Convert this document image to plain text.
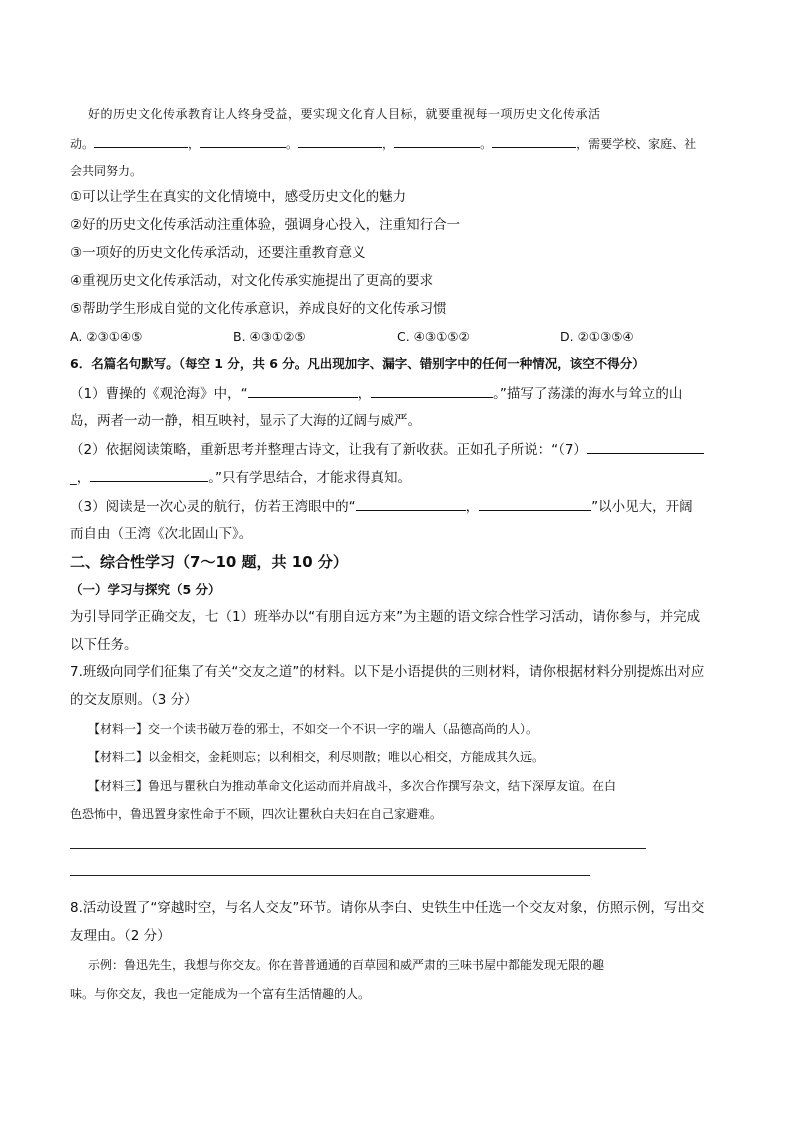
好的历史文化传承教育让人终身受益，要实现文化育人目标，就要重视每一项历史文化传承活
动。	，	。	，	。	，需要学校、家庭、社
会共同努力。
①可以让学生在真实的文化情境中，感受历史文化的魅力
②好的历史文化传承活动注重体验，强调身心投入，注重知行合一
③一项好的历史文化传承活动，还要注重教育意义
④重视历史文化传承活动，对文化传承实施提出了更高的要求
⑤帮助学生形成自觉的文化传承意识，养成良好的文化传承习惯
A. ②③①④⑤	B. ④③①②⑤	C. ④③①⑤②	D. ②①③⑤④
6．名篇名句默写。（每空 1 分，共 6 分。凡出现加字、漏字、错别字中的任何一种情况，该空不得分）
（1）曹操的《观沧海》中，“	，	。”描写了荡漾的海水与耸立的山
岛，两者一动一静，相互映衬，显示了大海的辽阔与威严。
（2）依据阅读策略，重新思考并整理古诗文，让我有了新收获。正如孔子所说：“（7）
_，	。”只有学思结合，才能求得真知。
（3）阅读是一次心灵的航行，仿若王湾眼中的“	，	”以小见大，开阔
而自由（王湾《次北固山下》。
二、综合性学习（7～10 题，共 10 分）
（一）学习与探究（5 分）
为引导同学正确交友，七（1）班举办以“有朋自远方来”为主题的语文综合性学习活动，请你参与，并完成
以下任务。
7.班级向同学们征集了有关“交友之道”的材料。以下是小语提供的三则材料，请你根据材料分别提炼出对应
的交友原则。（3 分）
【材料一】交一个读书破万卷的邪士，不如交一个不识一字的端人（品德高尚的人）。
【材料二】以金相交，金耗则忘；以利相交，利尽则散；唯以心相交，方能成其久远。
【材料三】鲁迅与瞿秋白为推动革命文化运动而并肩战斗，多次合作撰写杂文，结下深厚友谊。在白
色恐怖中，鲁迅置身家性命于不顾，四次让瞿秋白夫妇在自己家避难。
8.活动设置了“穿越时空，与名人交友”环节。请你从李白、史铁生中任选一个交友对象，仿照示例，写出交
友理由。（2 分）
示例：鲁迅先生，我想与你交友。你在普普通通的百草园和威严肃的三味书屋中都能发现无限的趣
味。与你交友，我也一定能成为一个富有生活情趣的人。
